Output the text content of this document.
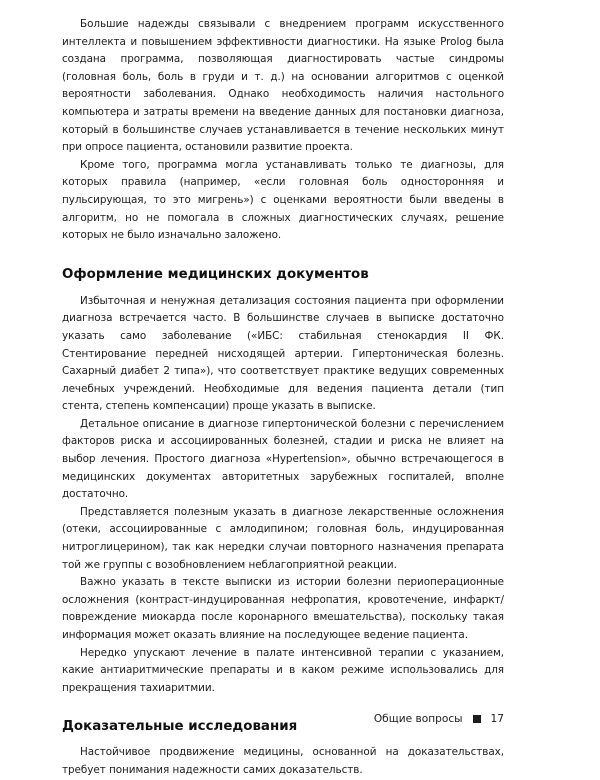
Большие надежды связывали с внедрением программ искусственного интеллекта и повышением эффективности диагностики. На языке Prolog была создана программа, позволяющая диагностировать частые синдромы (головная боль, боль в груди и т. д.) на основании алгоритмов с оценкой вероятности заболевания. Однако необходимость наличия настольного компьютера и затраты времени на введение данных для постановки диагноза, который в большинстве случаев устанавливается в течение нескольких минут при опросе пациента, остановили развитие проекта.

Кроме того, программа могла устанавливать только те диагнозы, для которых правила (например, «если головная боль односторонняя и пульсирующая, то это мигрень») с оценками вероятности были введены в алгоритм, но не помогала в сложных диагностических случаях, решение которых не было изначально заложено.

Оформление медицинских документов

Избыточная и ненужная детализация состояния пациента при оформлении диагноза встречается часто. В большинстве случаев в выписке достаточно указать само заболевание («ИБС: стабильная стенокардия II ФК. Стентирование передней нисходящей артерии. Гипертоническая болезнь. Сахарный диабет 2 типа»), что соответствует практике ведущих современных лечебных учреждений. Необходимые для ведения пациента детали (тип стента, степень компенсации) проще указать в выписке.

Детальное описание в диагнозе гипертонической болезни с перечислением факторов риска и ассоциированных болезней, стадии и риска не влияет на выбор лечения. Простого диагноза «Hypertension», обычно встречающегося в медицинских документах авторитетных зарубежных госпиталей, вполне достаточно.

Представляется полезным указать в диагнозе лекарственные осложнения (отеки, ассоциированные с амлодипином; головная боль, индуцированная нитроглицерином), так как нередки случаи повторного назначения препарата той же группы с возобновлением неблагоприятной реакции.

Важно указать в тексте выписки из истории болезни периоперационные осложнения (контраст-индуцированная нефропатия, кровотечение, инфаркт/повреждение миокарда после коронарного вмешательства), поскольку такая информация может оказать влияние на последующее ведение пациента.

Нередко упускают лечение в палате интенсивной терапии с указанием, какие антиаритмические препараты и в каком режиме использовались для прекращения тахиаритмии.

Доказательные исследования

Настойчивое продвижение медицины, основанной на доказательствах, требует понимания надежности самих доказательств.

Общие вопросы	17
